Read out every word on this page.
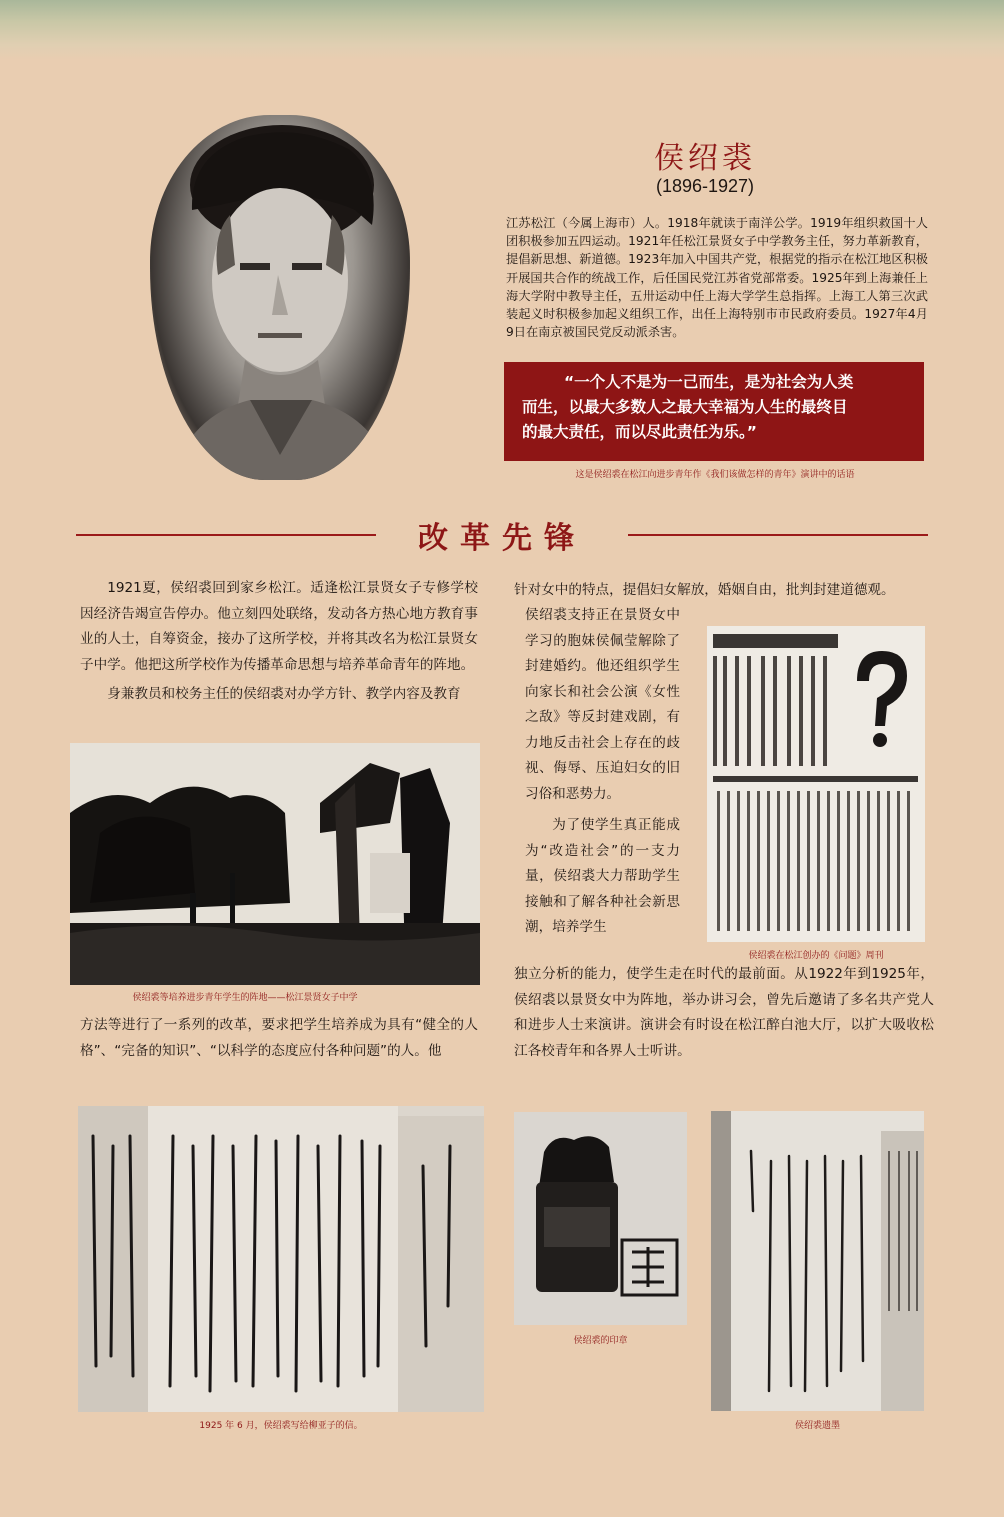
侯绍裘
(1896-1927)

江苏松江（今属上海市）人。1918年就读于南洋公学。1919年组织救国十人团积极参加五四运动。1921年任松江景贤女子中学教务主任，努力革新教育，提倡新思想、新道德。1923年加入中国共产党，根据党的指示在松江地区积极开展国共合作的统战工作，后任国民党江苏省党部常委。1925年到上海兼任上海大学附中教导主任，五卅运动中任上海大学学生总指挥。上海工人第三次武装起义时积极参加起义组织工作，出任上海特别市市民政府委员。1927年4月9日在南京被国民党反动派杀害。

“一个人不是为一己而生，是为社会为人类
而生，以最大多数人之最大幸福为人生的最终目
的最大责任，而以尽此责任为乐。”
这是侯绍裘在松江向进步青年作《我们该做怎样的青年》演讲中的话语
改革先锋

1921夏，侯绍裘回到家乡松江。适逢松江景贤女子专修学校因经济告竭宣告停办。他立刻四处联络，发动各方热心地方教育事业的人士，自筹资金，接办了这所学校，并将其改名为松江景贤女子中学。他把这所学校作为传播革命思想与培养革命青年的阵地。

身兼教员和校务主任的侯绍裘对办学方针、教学内容及教育

侯绍裘等培养进步青年学生的阵地——松江景贤女子中学

方法等进行了一系列的改革，要求把学生培养成为具有“健全的人格”、“完备的知识”、“以科学的态度应付各种问题”的人。他

针对女中的特点，提倡妇女解放，婚姻自由，批判封建道德观。

侯绍裘支持正在景贤女中学习的胞妹侯佩莹解除了封建婚约。他还组织学生向家长和社会公演《女性之敌》等反封建戏剧，有力地反击社会上存在的歧视、侮辱、压迫妇女的旧习俗和恶势力。

为了使学生真正能成为“改造社会”的一支力量，侯绍裘大力帮助学生接触和了解各种社会新思潮，培养学生

侯绍裘在松江创办的《问题》周刊

独立分析的能力，使学生走在时代的最前面。从1922年到1925年，侯绍裘以景贤女中为阵地，举办讲习会，曾先后邀请了多名共产党人和进步人士来演讲。演讲会有时设在松江醉白池大厅，以扩大吸收松江各校青年和各界人士听讲。

1925 年 6 月，侯绍裘写给柳亚子的信。
侯绍裘的印章
侯绍裘遗墨
